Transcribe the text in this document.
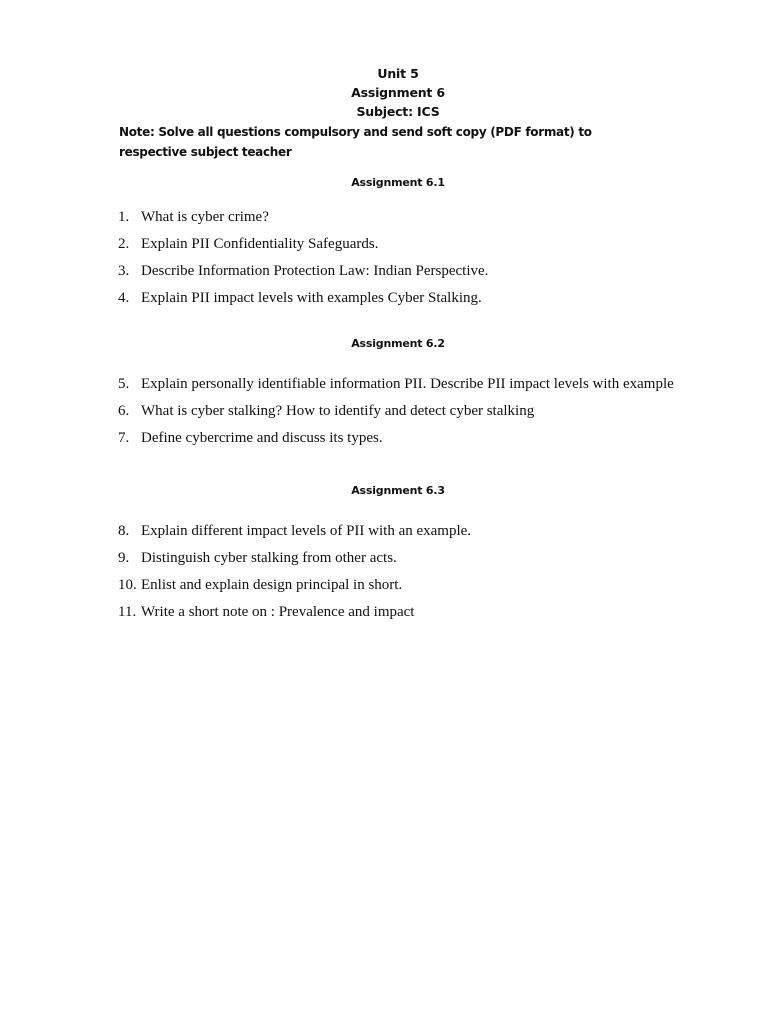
Unit 5
Assignment 6
Subject: ICS
Note: Solve all questions compulsory and send soft copy (PDF format) to respective subject teacher
Assignment 6.1
1. What is cyber crime?
2. Explain PII Confidentiality Safeguards.
3. Describe Information Protection Law: Indian Perspective.
4. Explain PII impact levels with examples Cyber Stalking.
Assignment 6.2
5. Explain personally identifiable information PII. Describe PII impact levels with example
6. What is cyber stalking? How to identify and detect cyber stalking
7. Define cybercrime and discuss its types.
Assignment 6.3
8. Explain different impact levels of PII with an example.
9. Distinguish cyber stalking from other acts.
10. Enlist and explain design principal in short.
11. Write a short note on : Prevalence and impact
